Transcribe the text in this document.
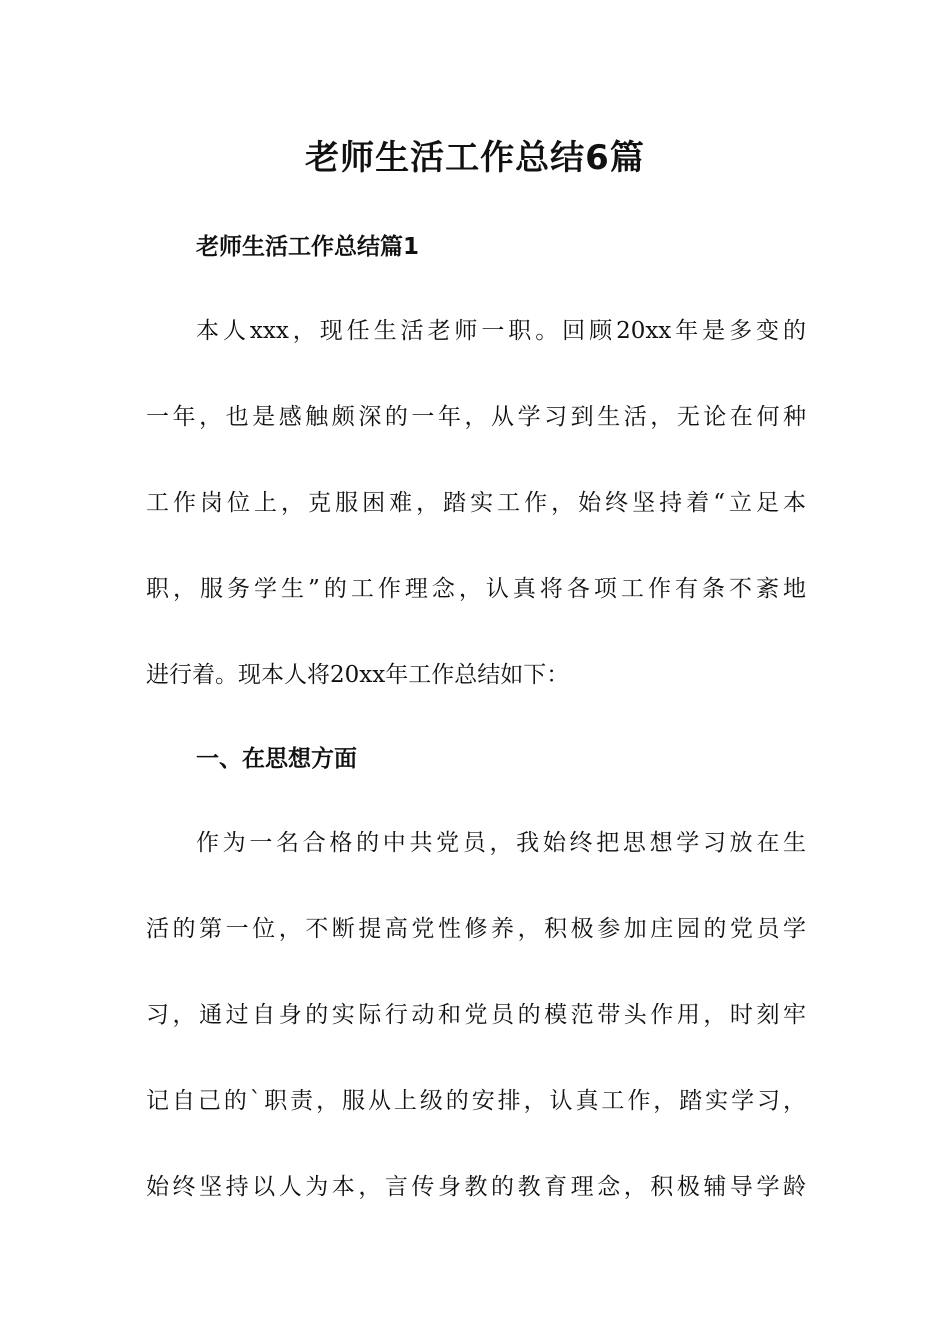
老师生活工作总结6篇
老师生活工作总结篇1
本人xxx，现任生活老师一职。回顾20xx年是多变的
一年，也是感触颇深的一年，从学习到生活，无论在何种
工作岗位上，克服困难，踏实工作，始终坚持着“立足本
职，服务学生”的工作理念，认真将各项工作有条不紊地
进行着。现本人将20xx年工作总结如下：
一、在思想方面
作为一名合格的中共党员，我始终把思想学习放在生
活的第一位，不断提高党性修养，积极参加庄园的党员学
习，通过自身的实际行动和党员的模范带头作用，时刻牢
记自己的`职责，服从上级的安排，认真工作，踏实学习，
始终坚持以人为本，言传身教的教育理念，积极辅导学龄
